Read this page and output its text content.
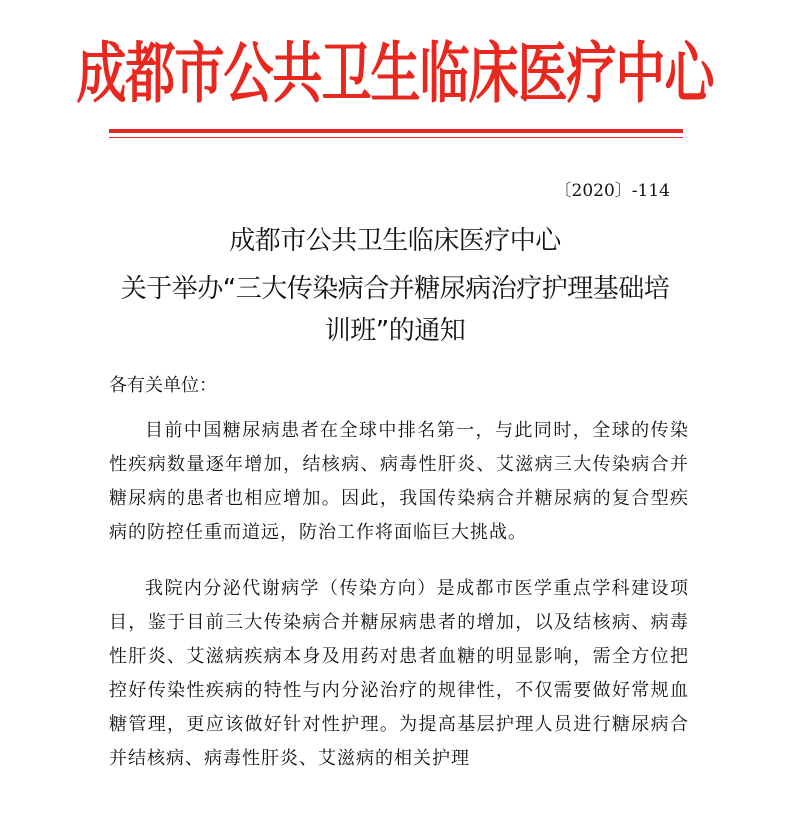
成都市公共卫生临床医疗中心
〔2020〕-114
成都市公共卫生临床医疗中心
关于举办“三大传染病合并糖尿病治疗护理基础培
训班”的通知
各有关单位：
目前中国糖尿病患者在全球中排名第一，与此同时，全球的传染性疾病数量逐年增加，结核病、病毒性肝炎、艾滋病三大传染病合并糖尿病的患者也相应增加。因此，我国传染病合并糖尿病的复合型疾病的防控任重而道远，防治工作将面临巨大挑战。
我院内分泌代谢病学（传染方向）是成都市医学重点学科建设项目，鉴于目前三大传染病合并糖尿病患者的增加，以及结核病、病毒性肝炎、艾滋病疾病本身及用药对患者血糖的明显影响，需全方位把控好传染性疾病的特性与内分泌治疗的规律性，不仅需要做好常规血糖管理，更应该做好针对性护理。为提高基层护理人员进行糖尿病合并结核病、病毒性肝炎、艾滋病的相关护理
